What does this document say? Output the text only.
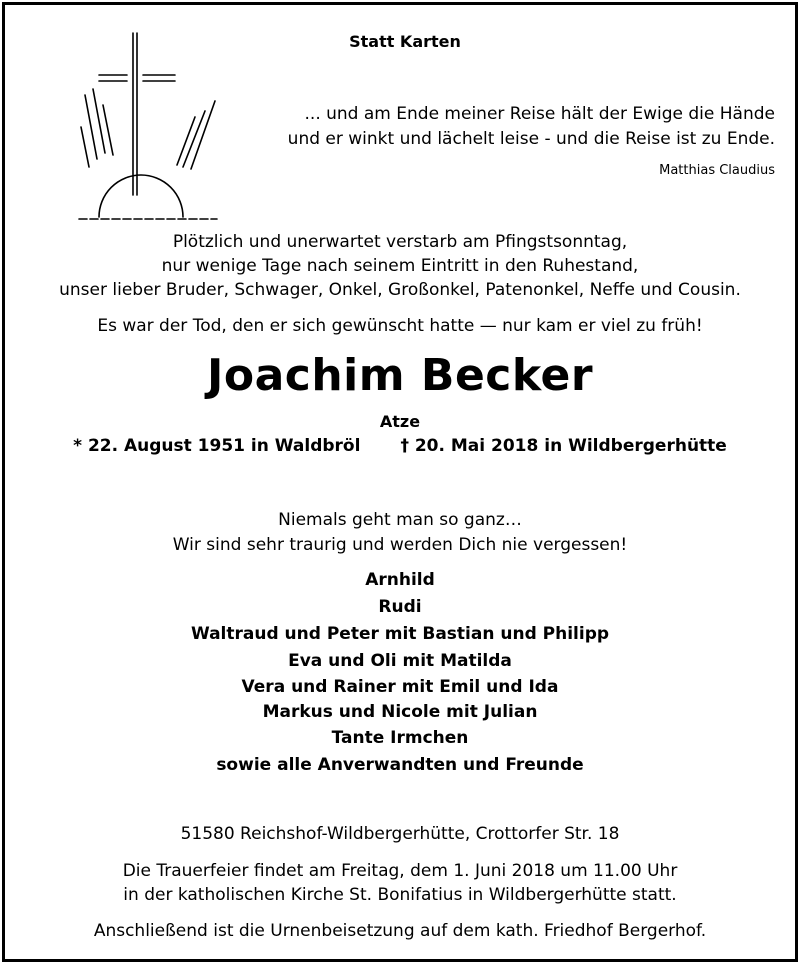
Statt Karten
... und am Ende meiner Reise hält der Ewige die Hände
und er winkt und lächelt leise - und die Reise ist zu Ende.
Matthias Claudius
Plötzlich und unerwartet verstarb am Pfingstsonntag,
nur wenige Tage nach seinem Eintritt in den Ruhestand,
unser lieber Bruder, Schwager, Onkel, Großonkel, Patenonkel, Neffe und Cousin.
Es war der Tod, den er sich gewünscht hatte — nur kam er viel zu früh!
Joachim Becker
Atze
* 22. August 1951 in Waldbröl † 20. Mai 2018 in Wildbergerhütte
Niemals geht man so ganz…
Wir sind sehr traurig und werden Dich nie vergessen!
Arnhild
Rudi
Waltraud und Peter mit Bastian und Philipp
Eva und Oli mit Matilda
Vera und Rainer mit Emil und Ida
Markus und Nicole mit Julian
Tante Irmchen
sowie alle Anverwandten und Freunde
51580 Reichshof-Wildbergerhütte, Crottorfer Str. 18
Die Trauerfeier findet am Freitag, dem 1. Juni 2018 um 11.00 Uhr
in der katholischen Kirche St. Bonifatius in Wildbergerhütte statt.
Anschließend ist die Urnenbeisetzung auf dem kath. Friedhof Bergerhof.
